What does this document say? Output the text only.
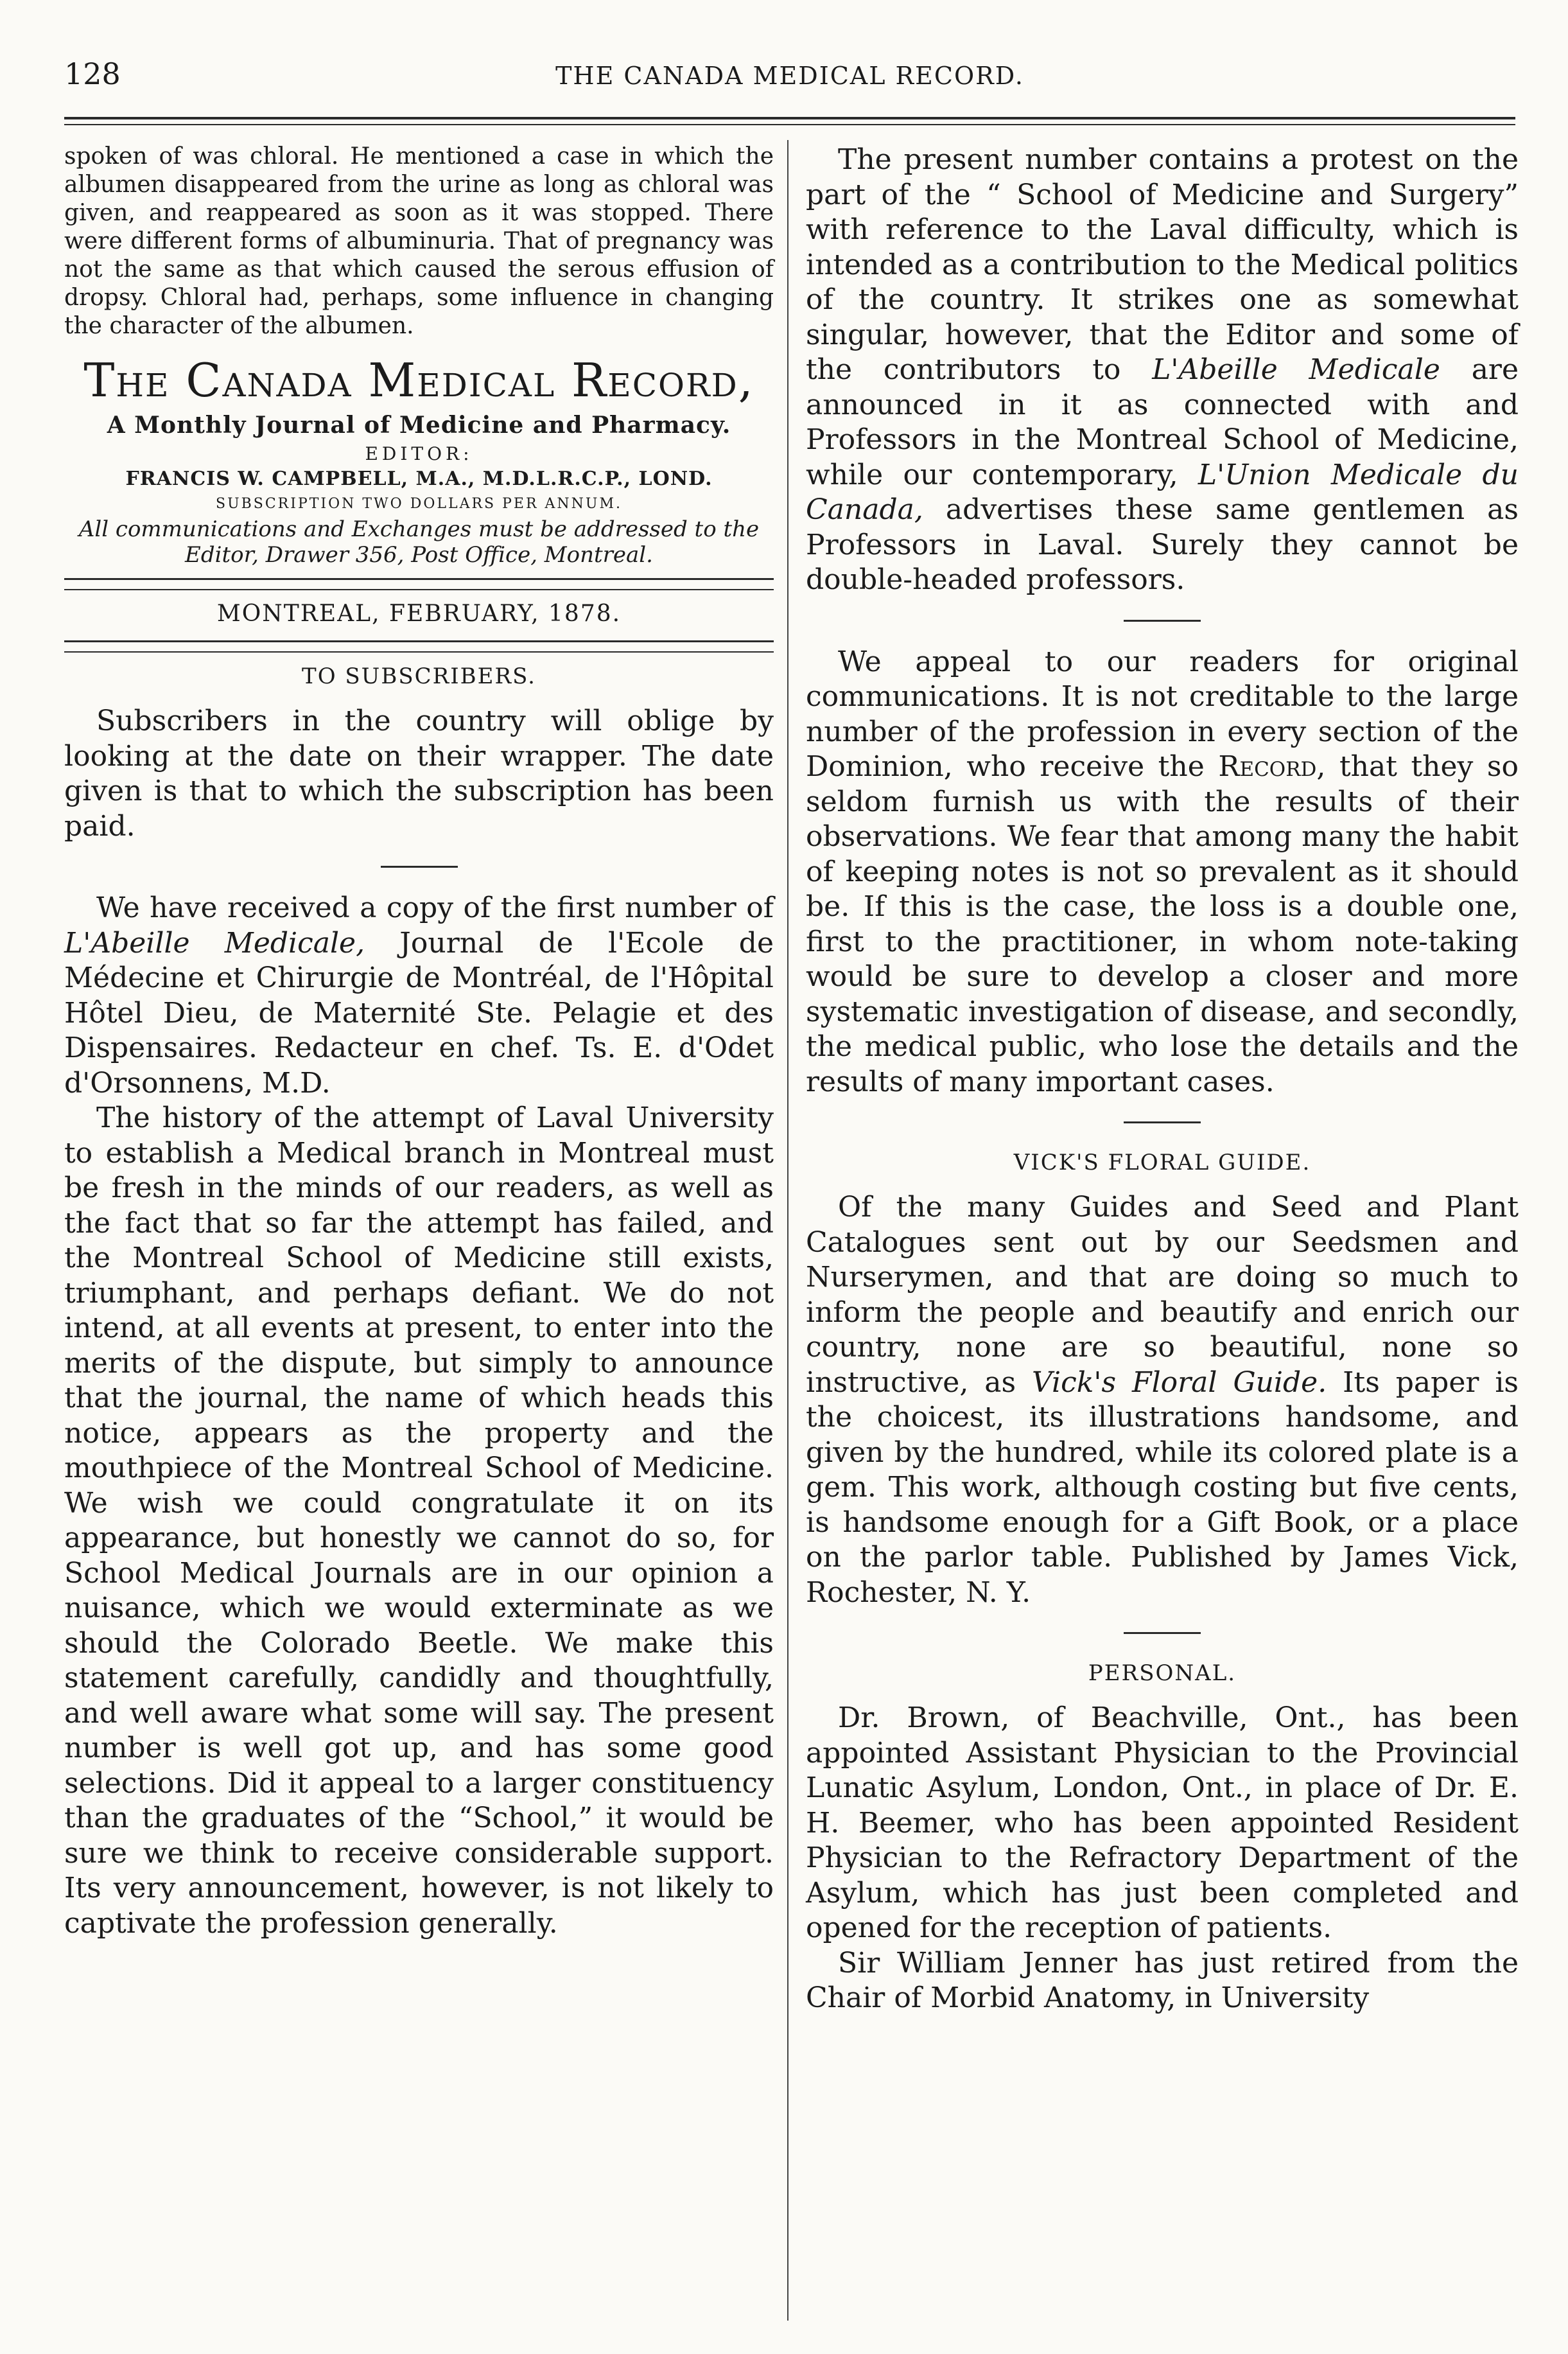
128	THE CANADA MEDICAL RECORD.

spoken of was chloral. He mentioned a case in which the albumen disappeared from the urine as long as chloral was given, and reappeared as soon as it was stopped. There were different forms of albuminuria. That of pregnancy was not the same as that which caused the serous effusion of dropsy. Chloral had, perhaps, some influence in changing the character of the albumen.

The Canada Medical Record,
A Monthly Journal of Medicine and Pharmacy.
EDITOR:
FRANCIS W. CAMPBELL, M.A., M.D.L.R.C.P., LOND.
SUBSCRIPTION TWO DOLLARS PER ANNUM.
All communications and Exchanges must be addressed to the Editor, Drawer 356, Post Office, Montreal.
MONTREAL, FEBRUARY, 1878.
TO SUBSCRIBERS.

Subscribers in the country will oblige by looking at the date on their wrapper. The date given is that to which the subscription has been paid.

We have received a copy of the first number of L'Abeille Medicale, Journal de l'Ecole de Médecine et Chirurgie de Montréal, de l'Hôpital Hôtel Dieu, de Maternité Ste. Pelagie et des Dispensaires. Redacteur en chef. Ts. E. d'Odet d'Orsonnens, M.D.

The history of the attempt of Laval University to establish a Medical branch in Montreal must be fresh in the minds of our readers, as well as the fact that so far the attempt has failed, and the Montreal School of Medicine still exists, triumphant, and perhaps defiant. We do not intend, at all events at present, to enter into the merits of the dispute, but simply to announce that the journal, the name of which heads this notice, appears as the property and the mouthpiece of the Montreal School of Medicine. We wish we could congratulate it on its appearance, but honestly we cannot do so, for School Medical Journals are in our opinion a nuisance, which we would exterminate as we should the Colorado Beetle. We make this statement carefully, candidly and thoughtfully, and well aware what some will say. The present number is well got up, and has some good selections. Did it appeal to a larger constituency than the graduates of the “School,” it would be sure we think to receive considerable support. Its very announcement, however, is not likely to captivate the profession generally.

The present number contains a protest on the part of the “ School of Medicine and Surgery” with reference to the Laval difficulty, which is intended as a contribution to the Medical politics of the country. It strikes one as somewhat singular, however, that the Editor and some of the contributors to L'Abeille Medicale are announced in it as connected with and Professors in the Montreal School of Medicine, while our contemporary, L'Union Medicale du Canada, advertises these same gentlemen as Professors in Laval. Surely they cannot be double-headed professors.

We appeal to our readers for original communications. It is not creditable to the large number of the profession in every section of the Dominion, who receive the Record, that they so seldom furnish us with the results of their observations. We fear that among many the habit of keeping notes is not so prevalent as it should be. If this is the case, the loss is a double one, first to the practitioner, in whom note-taking would be sure to develop a closer and more systematic investigation of disease, and secondly, the medical public, who lose the details and the results of many important cases.

VICK'S FLORAL GUIDE.

Of the many Guides and Seed and Plant Catalogues sent out by our Seedsmen and Nurserymen, and that are doing so much to inform the people and beautify and enrich our country, none are so beautiful, none so instructive, as Vick's Floral Guide. Its paper is the choicest, its illustrations handsome, and given by the hundred, while its colored plate is a gem. This work, although costing but five cents, is handsome enough for a Gift Book, or a place on the parlor table. Published by James Vick, Rochester, N. Y.

PERSONAL.

Dr. Brown, of Beachville, Ont., has been appointed Assistant Physician to the Provincial Lunatic Asylum, London, Ont., in place of Dr. E. H. Beemer, who has been appointed Resident Physician to the Refractory Department of the Asylum, which has just been completed and opened for the reception of patients.

Sir William Jenner has just retired from the Chair of Morbid Anatomy, in University
